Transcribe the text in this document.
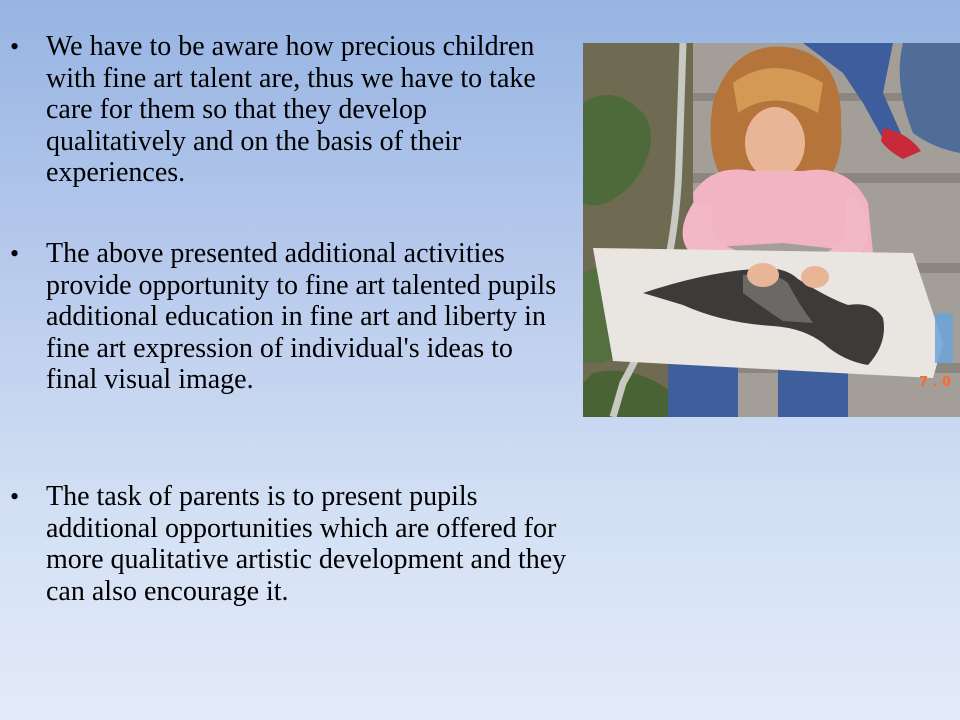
• We have to be aware how precious children with fine art talent are, thus we have to take care for them so that they develop qualitatively and on the basis of their experiences.

• The above presented additional activities provide opportunity to fine art talented pupils additional education in fine art and liberty in fine art expression of individual's ideas to final visual image.

• The task of parents is to present pupils additional opportunities which are offered for more qualitative artistic development and they can also encourage it.

7 . 0
